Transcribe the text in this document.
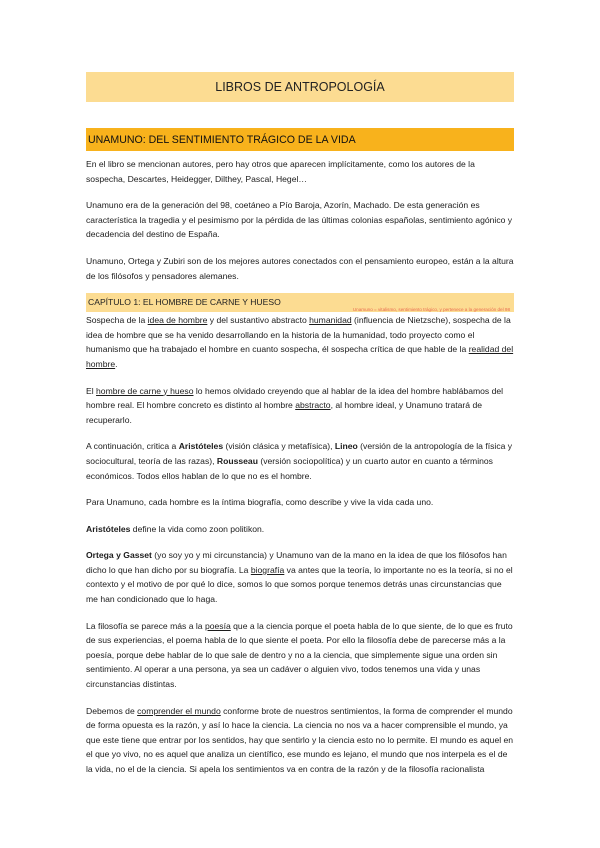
LIBROS DE ANTROPOLOGÍA
UNAMUNO: DEL SENTIMIENTO TRÁGICO DE LA VIDA

En el libro se mencionan autores, pero hay otros que aparecen implícitamente, como los autores de la sospecha, Descartes, Heidegger, Dilthey, Pascal, Hegel…

Unamuno era de la generación del 98, coetáneo a Pío Baroja, Azorín, Machado. De esta generación es característica la tragedia y el pesimismo por la pérdida de las últimas colonias españolas, sentimiento agónico y decadencia del destino de España.

Unamuno, Ortega y Zubiri son de los mejores autores conectados con el pensamiento europeo, están a la altura de los filósofos y pensadores alemanes.

CAPÍTULO 1: EL HOMBRE DE CARNE Y HUESO
Unamuno = vitalismo, sentimiento trágico, y pertenece a la generación del 98

Sospecha de la idea de hombre y del sustantivo abstracto humanidad (influencia de Nietzsche), sospecha de la idea de hombre que se ha venido desarrollando en la historia de la humanidad, todo proyecto como el humanismo que ha trabajado el hombre en cuanto sospecha, él sospecha crítica de que hable de la realidad del hombre.

El hombre de carne y hueso lo hemos olvidado creyendo que al hablar de la idea del hombre hablábamos del hombre real. El hombre concreto es distinto al hombre abstracto, al hombre ideal, y Unamuno tratará de recuperarlo.

A continuación, critica a Aristóteles (visión clásica y metafísica), Lineo (versión de la antropología de la física y sociocultural, teoría de las razas), Rousseau (versión sociopolítica) y un cuarto autor en cuanto a términos económicos. Todos ellos hablan de lo que no es el hombre.

Para Unamuno, cada hombre es la íntima biografía, como describe y vive la vida cada uno.

Aristóteles define la vida como zoon politikon.

Ortega y Gasset (yo soy yo y mi circunstancia) y Unamuno van de la mano en la idea de que los filósofos han dicho lo que han dicho por su biografía. La biografía va antes que la teoría, lo importante no es la teoría, si no el contexto y el motivo de por qué lo dice, somos lo que somos porque tenemos detrás unas circunstancias que me han condicionado que lo haga.

La filosofía se parece más a la poesía que a la ciencia porque el poeta habla de lo que siente, de lo que es fruto de sus experiencias, el poema habla de lo que siente el poeta. Por ello la filosofía debe de parecerse más a la poesía, porque debe hablar de lo que sale de dentro y no a la ciencia, que simplemente sigue una orden sin sentimiento. Al operar a una persona, ya sea un cadáver o alguien vivo, todos tenemos una vida y unas circunstancias distintas.

Debemos de comprender el mundo conforme brote de nuestros sentimientos, la forma de comprender el mundo de forma opuesta es la razón, y así lo hace la ciencia. La ciencia no nos va a hacer comprensible el mundo, ya que este tiene que entrar por los sentidos, hay que sentirlo y la ciencia esto no lo permite. El mundo es aquel en el que yo vivo, no es aquel que analiza un científico, ese mundo es lejano, el mundo que nos interpela es el de la vida, no el de la ciencia. Si apela los sentimientos va en contra de la razón y de la filosofía racionalista
